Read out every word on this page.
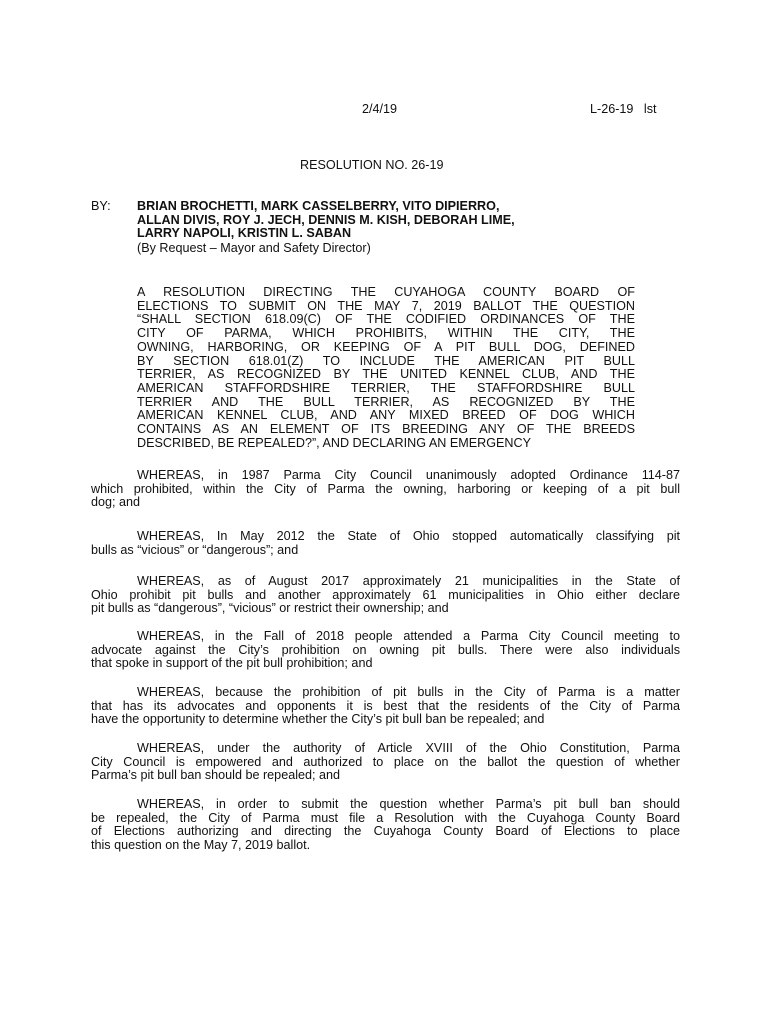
2/4/19	L-26-19   lst
RESOLUTION NO. 26-19
BY: BRIAN BROCHETTI, MARK CASSELBERRY, VITO DIPIERRO,
ALLAN DIVIS, ROY J. JECH, DENNIS M. KISH, DEBORAH LIME,
LARRY NAPOLI, KRISTIN L. SABAN
(By Request – Mayor and Safety Director)
A RESOLUTION DIRECTING THE CUYAHOGA COUNTY BOARD OF
ELECTIONS TO SUBMIT ON THE MAY 7, 2019 BALLOT THE QUESTION
“SHALL SECTION 618.09(C) OF THE CODIFIED ORDINANCES OF THE
CITY OF PARMA, WHICH PROHIBITS, WITHIN THE CITY, THE
OWNING, HARBORING, OR KEEPING OF A PIT BULL DOG, DEFINED
BY SECTION 618.01(Z) TO INCLUDE THE AMERICAN PIT BULL
TERRIER, AS RECOGNIZED BY THE UNITED KENNEL CLUB, AND THE
AMERICAN STAFFORDSHIRE TERRIER, THE STAFFORDSHIRE BULL
TERRIER AND THE BULL TERRIER, AS RECOGNIZED BY THE
AMERICAN KENNEL CLUB, AND ANY MIXED BREED OF DOG WHICH
CONTAINS AS AN ELEMENT OF ITS BREEDING ANY OF THE BREEDS
DESCRIBED, BE REPEALED?”, AND DECLARING AN EMERGENCY
WHEREAS, in 1987 Parma City Council unanimously adopted Ordinance 114-87
which prohibited, within the City of Parma the owning, harboring or keeping of a pit bull
dog; and
WHEREAS, In May 2012 the State of Ohio stopped automatically classifying pit
bulls as “vicious” or “dangerous”; and
WHEREAS, as of August 2017 approximately 21 municipalities in the State of
Ohio prohibit pit bulls and another approximately 61 municipalities in Ohio either declare
pit bulls as “dangerous”, “vicious” or restrict their ownership; and
WHEREAS, in the Fall of 2018 people attended a Parma City Council meeting to
advocate against the City’s prohibition on owning pit bulls. There were also individuals
that spoke in support of the pit bull prohibition; and
WHEREAS, because the prohibition of pit bulls in the City of Parma is a matter
that has its advocates and opponents it is best that the residents of the City of Parma
have the opportunity to determine whether the City’s pit bull ban be repealed; and
WHEREAS, under the authority of Article XVIII of the Ohio Constitution, Parma
City Council is empowered and authorized to place on the ballot the question of whether
Parma’s pit bull ban should be repealed; and
WHEREAS, in order to submit the question whether Parma’s pit bull ban should
be repealed, the City of Parma must file a Resolution with the Cuyahoga County Board
of Elections authorizing and directing the Cuyahoga County Board of Elections to place
this question on the May 7, 2019 ballot.
